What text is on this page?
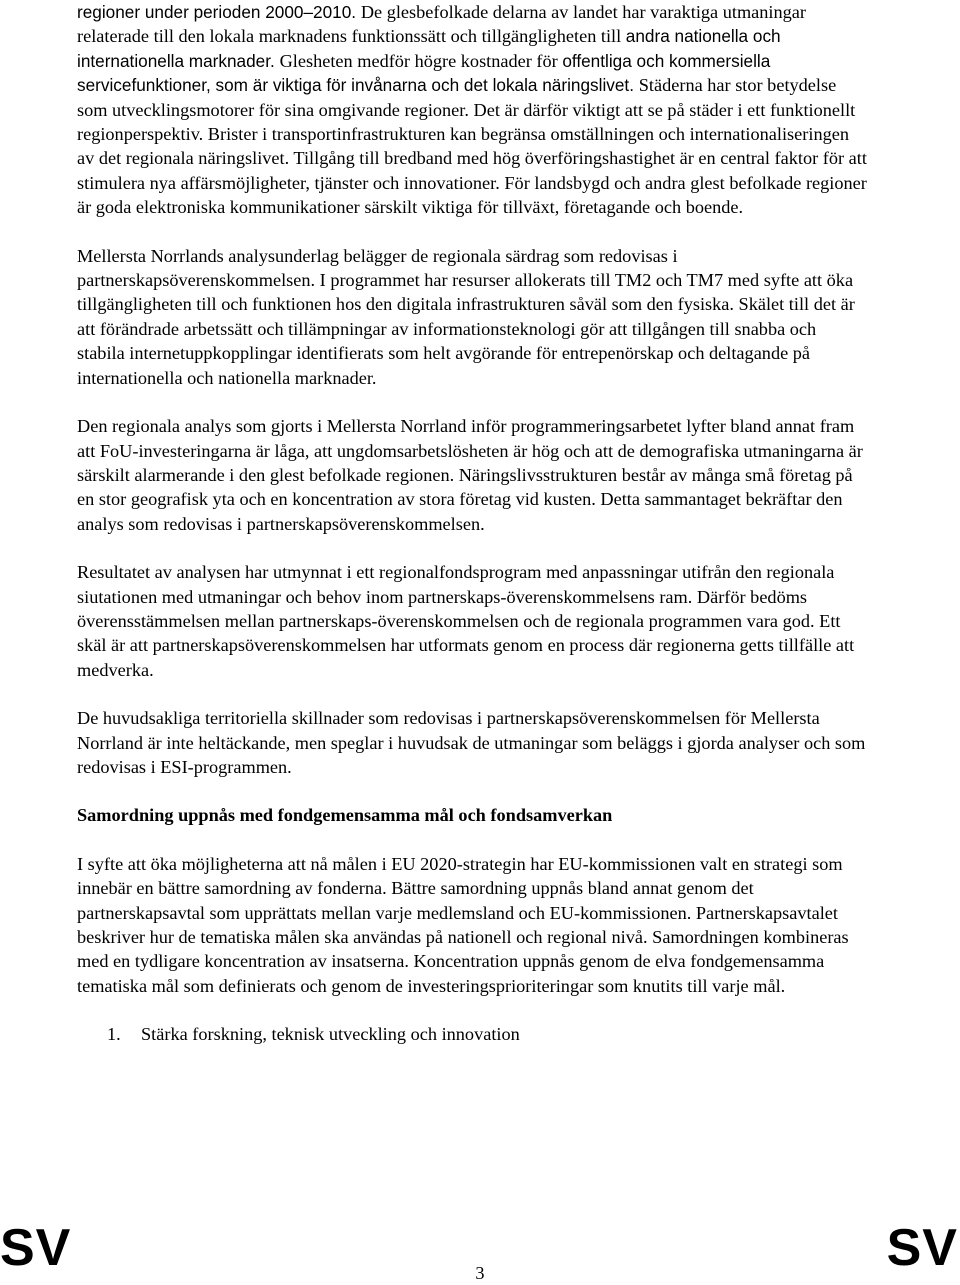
regioner under perioden 2000–2010. De glesbefolkade delarna av landet har varaktiga utmaningar relaterade till den lokala marknadens funktionssätt och tillgängligheten till andra nationella och internationella marknader. Glesheten medför högre kostnader för offentliga och kommersiella servicefunktioner, som är viktiga för invånarna och det lokala näringslivet. Städerna har stor betydelse som utvecklingsmotorer för sina omgivande regioner. Det är därför viktigt att se på städer i ett funktionellt regionperspektiv. Brister i transportinfrastrukturen kan begränsa omställningen och internationaliseringen av det regionala näringslivet. Tillgång till bredband med hög överföringshastighet är en central faktor för att stimulera nya affärsmöjligheter, tjänster och innovationer. För landsbygd och andra glest befolkade regioner är goda elektroniska kommunikationer särskilt viktiga för tillväxt, företagande och boende.

Mellersta Norrlands analysunderlag belägger de regionala särdrag som redovisas i partnerskapsöverenskommelsen. I programmet har resurser allokerats till TM2 och TM7 med syfte att öka tillgängligheten till och funktionen hos den digitala infrastrukturen såväl som den fysiska. Skälet till det är att förändrade arbetssätt och tillämpningar av informationsteknologi gör att tillgången till snabba och stabila internetuppkopplingar identifierats som helt avgörande för entrepenörskap och deltagande på internationella och nationella marknader.

Den regionala analys som gjorts i Mellersta Norrland inför programmeringsarbetet lyfter bland annat fram att FoU-investeringarna är låga, att ungdomsarbetslösheten är hög och att de demografiska utmaningarna är särskilt alarmerande i den glest befolkade regionen. Näringslivsstrukturen består av många små företag på en stor geografisk yta och en koncentration av stora företag vid kusten. Detta sammantaget bekräftar den analys som redovisas i partnerskapsöverenskommelsen.

Resultatet av analysen har utmynnat i ett regionalfondsprogram med anpassningar utifrån den regionala siutationen med utmaningar och behov inom partnerskaps-överenskommelsens ram. Därför bedöms överensstämmelsen mellan partnerskaps-överenskommelsen och de regionala programmen vara god. Ett skäl är att partnerskapsöverenskommelsen har utformats genom en process där regionerna getts tillfälle att medverka.

De huvudsakliga territoriella skillnader som redovisas i partnerskapsöverenskommelsen för Mellersta Norrland är inte heltäckande, men speglar i huvudsak de utmaningar som beläggs i gjorda analyser och som redovisas i ESI-programmen.

Samordning uppnås med fondgemensamma mål och fondsamverkan

I syfte att öka möjligheterna att nå målen i EU 2020-strategin har EU-kommissionen valt en strategi som innebär en bättre samordning av fonderna. Bättre samordning uppnås bland annat genom det partnerskapsavtal som upprättats mellan varje medlemsland och EU-kommissionen. Partnerskapsavtalet beskriver hur de tematiska målen ska användas på nationell och regional nivå. Samordningen kombineras med en tydligare koncentration av insatserna. Koncentration uppnås genom de elva fondgemensamma tematiska mål som definierats och genom de investeringsprioriteringar som knutits till varje mål.

1. Stärka forskning, teknisk utveckling och innovation
SV	SV
3
